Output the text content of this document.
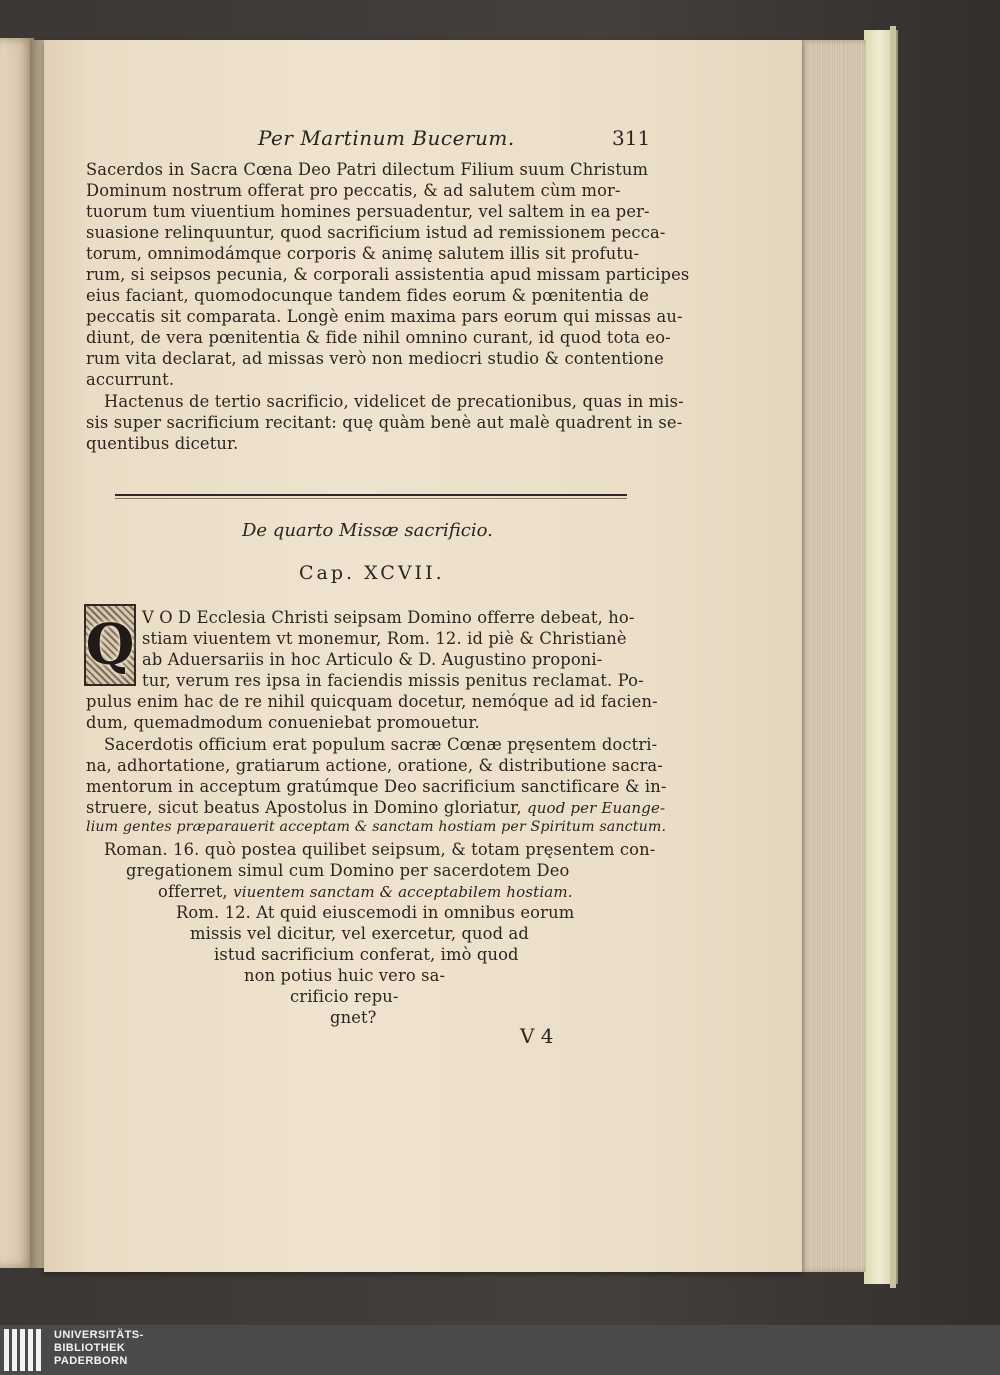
Per Martinum Bucerum.	311
Sacerdos in Sacra Cœna Deo Patri dilectum Filium suum Christum
Dominum nostrum offerat pro peccatis, & ad salutem cùm mor-
tuorum tum viuentium homines persuadentur, vel saltem in ea per-
suasione relinquuntur, quod sacrificium istud ad remissionem pecca-
torum, omnimodámque corporis & animę salutem illis sit profutu-
rum, si seipsos pecunia, & corporali assistentia apud missam participes
eius faciant, quomodocunque tandem fides eorum & pœnitentia de
peccatis sit comparata. Longè enim maxima pars eorum qui missas au-
diunt, de vera pœnitentia & fide nihil omnino curant, id quod tota eo-
rum vita declarat, ad missas verò non mediocri studio & contentione
accurrunt.
Hactenus de tertio sacrificio, videlicet de precationibus, quas in mis-
sis super sacrificium recitant: quę quàm benè aut malè quadrent in se-
quentibus dicetur.
De quarto Missæ sacrificio.
Cap. XCVII.
Q V O D Ecclesia Christi seipsam Domino offerre debeat, ho-
stiam viuentem vt monemur, Rom. 12. id piè & Christianè
ab Aduersariis in hoc Articulo & D. Augustino proponi-
tur, verum res ipsa in faciendis missis penitus reclamat. Po-
pulus enim hac de re nihil quicquam docetur, nemóque ad id facien-
dum, quemadmodum conueniebat promouetur.
Sacerdotis officium erat populum sacræ Cœnæ pręsentem doctri-
na, adhortatione, gratiarum actione, oratione, & distributione sacra-
mentorum in acceptum gratúmque Deo sacrificium sanctificare & in-
struere, sicut beatus Apostolus in Domino gloriatur, quod per Euange-
lium gentes præparauerit acceptam & sanctam hostiam per Spiritum sanctum.
Roman. 16. quò postea quilibet seipsum, & totam pręsentem con-
gregationem simul cum Domino per sacerdotem Deo
offerret, viuentem sanctam & acceptabilem hostiam.
Rom. 12. At quid eiuscemodi in omnibus eorum
missis vel dicitur, vel exercetur, quod ad
istud sacrificium conferat, imò quod
non potius huic vero sa-
crificio repu-
gnet?
V 4
UNIVERSITÄTS-
BIBLIOTHEK
PADERBORN
